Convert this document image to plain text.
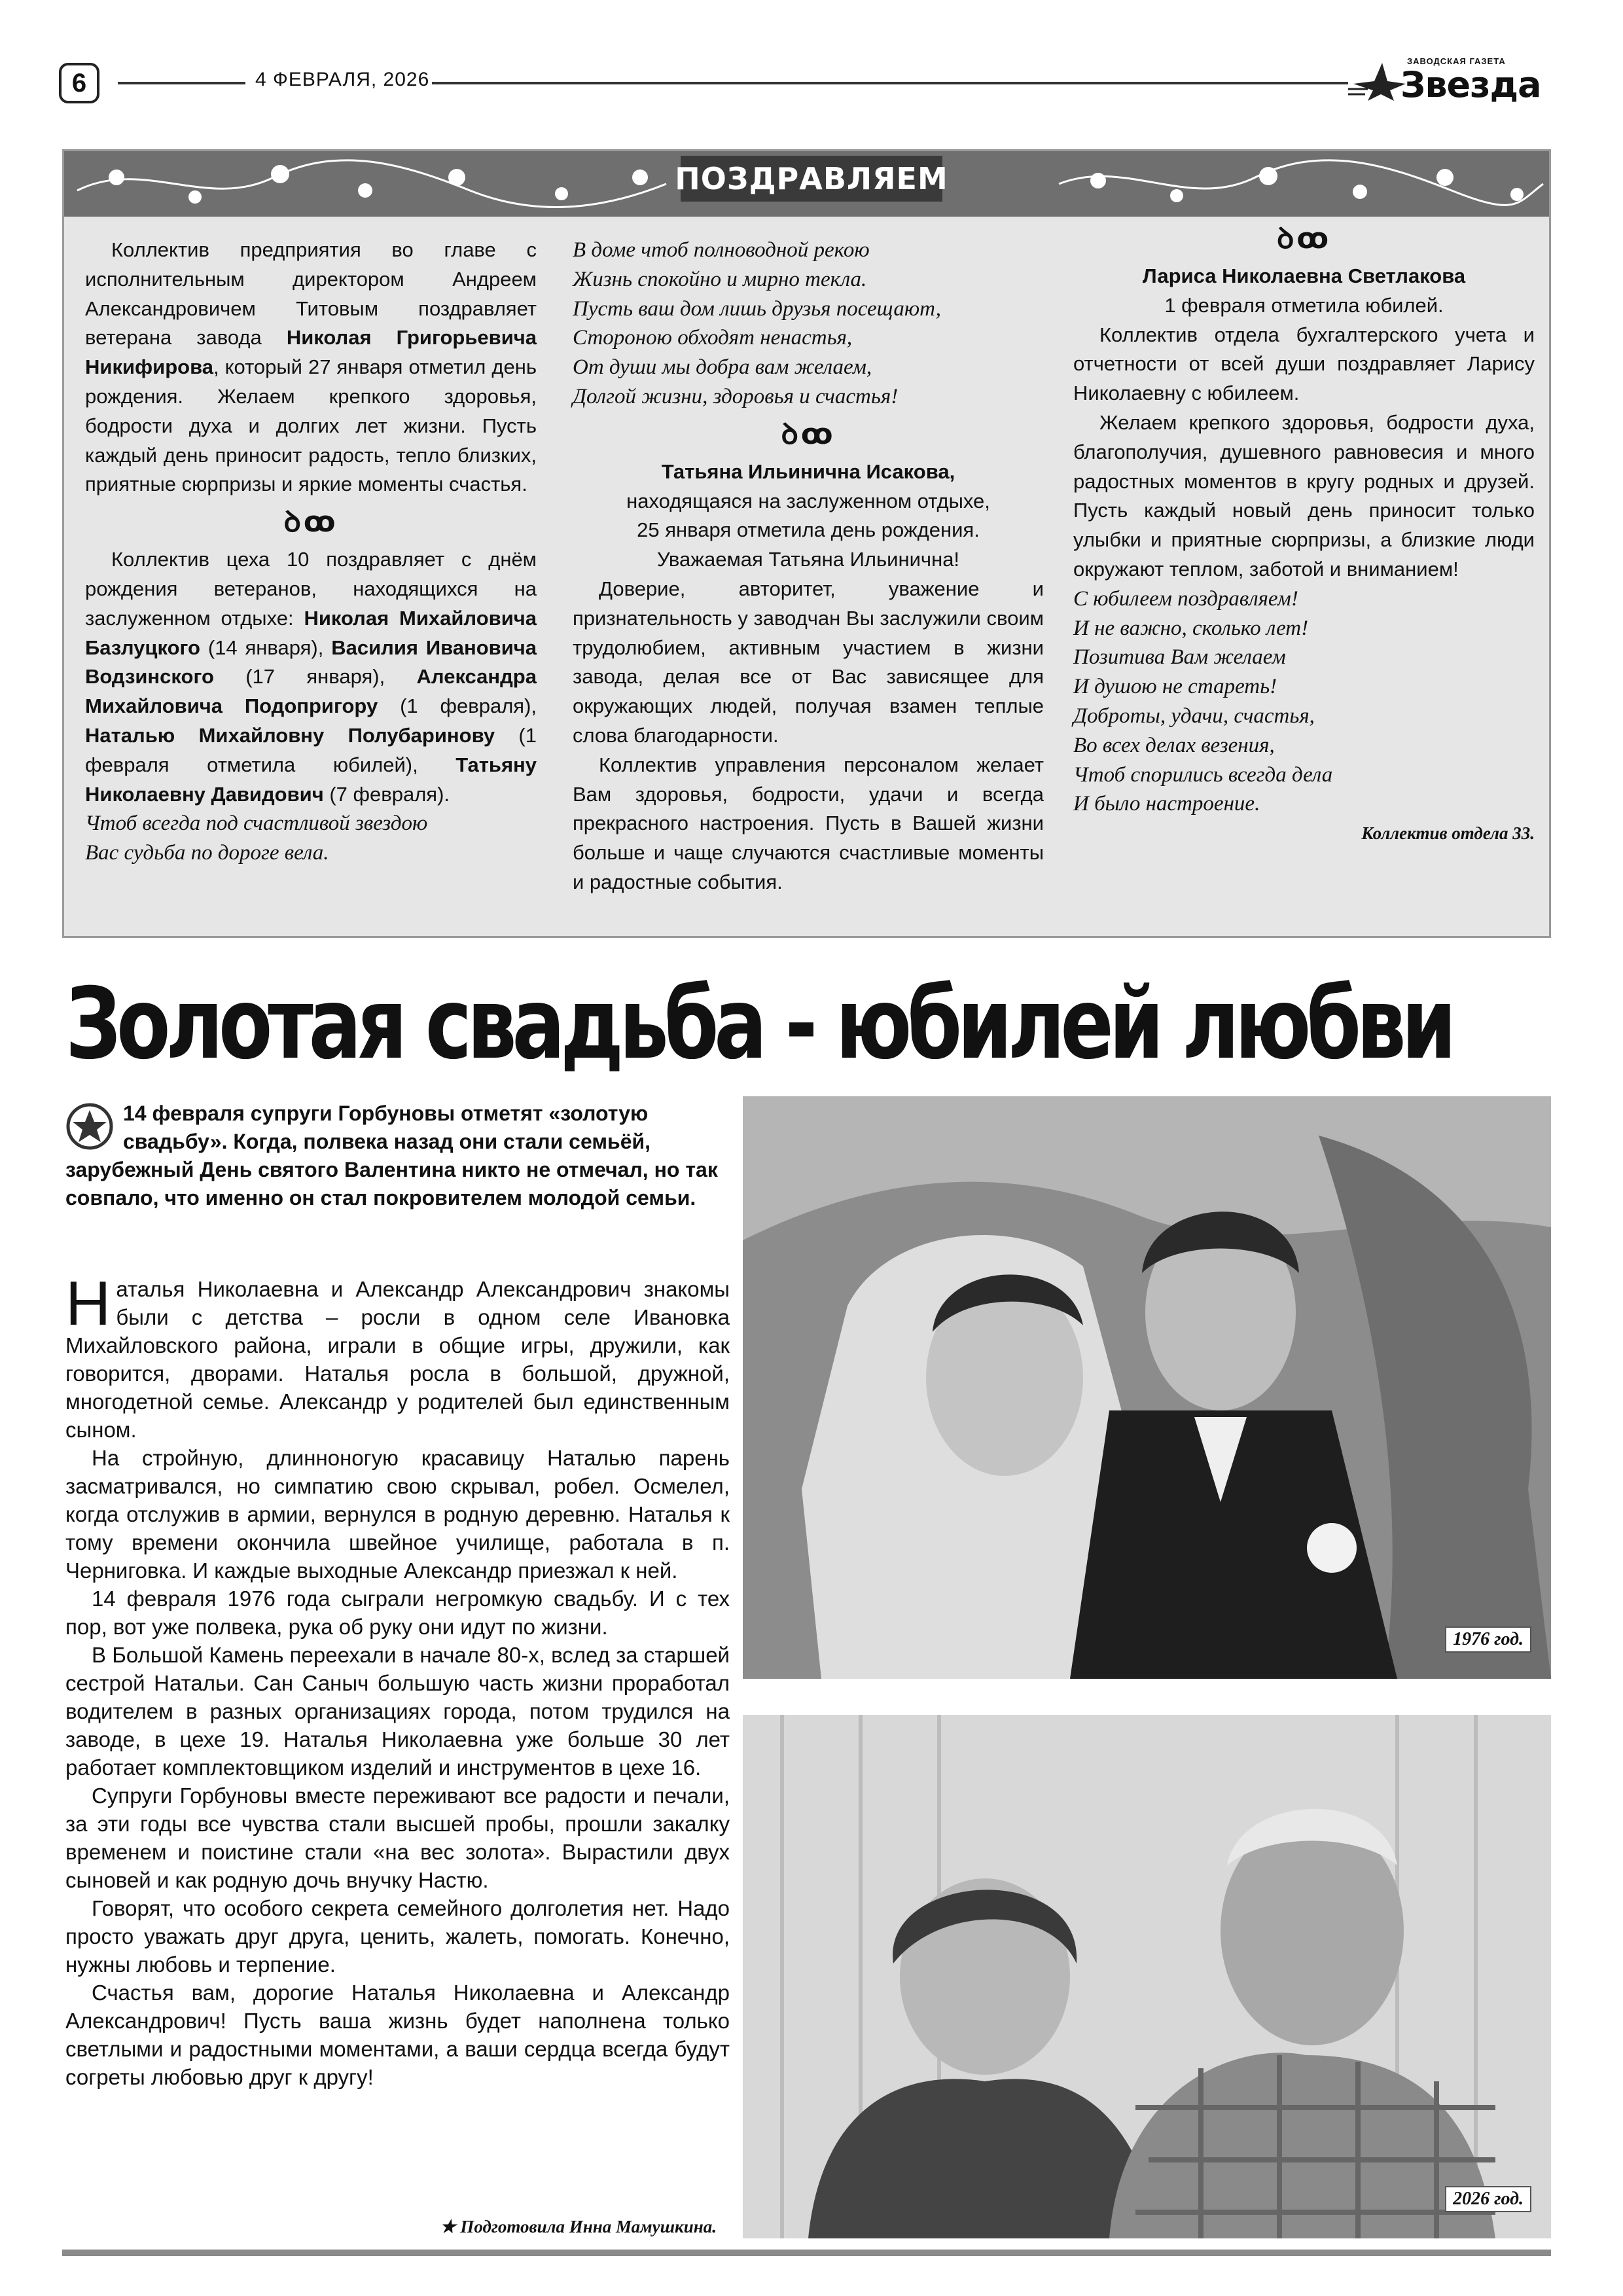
6	4 ФЕВРАЛЯ, 2026
ЗАВОДСКАЯ ГАЗЕТА
Звезда
ПОЗДРАВЛЯЕМ

Коллектив предприятия во главе с исполнительным директором Андреем Александровичем Титовым поздравляет ветерана завода Николая Григорьевича Никифирова, который 27 января отметил день рождения. Желаем крепкого здоровья, бодрости духа и долгих лет жизни. Пусть каждый день приносит радость, тепло близких, приятные сюрпризы и яркие моменты счастья.

ꝺꝏ

Коллектив цеха 10 поздравляет с днём рождения ветеранов, находящихся на заслуженном отдыхе: Николая Михайловича Базлуцкого (14 января), Василия Ивановича Водзинского (17 января), Александра Михайловича Подопригору (1 февраля), Наталью Михайловну Полубаринову (1 февраля отметила юбилей), Татьяну Николаевну Давидович (7 февраля).

Чтоб всегда под счастливой звездою

Вас судьба по дороге вела.

В доме чтоб полноводной рекою

Жизнь спокойно и мирно текла.

Пусть ваш дом лишь друзья посещают,

Стороною обходят ненастья,

От души мы добра вам желаем,

Долгой жизни, здоровья и счастья!

ꝺꝏ

Татьяна Ильинична Исакова,

находящаяся на заслуженном отдыхе,

25 января отметила день рождения.

Уважаемая Татьяна Ильинична!

Доверие, авторитет, уважение и признательность у заводчан Вы заслужили своим трудолюбием, активным участием в жизни завода, делая все от Вас зависящее для окружающих людей, получая взамен теплые слова благодарности.

Коллектив управления персоналом желает Вам здоровья, бодрости, удачи и всегда прекрасного настроения. Пусть в Вашей жизни больше и чаще случаются счастливые моменты и радостные события.

ꝺꝏ

Лариса Николаевна Светлакова

1 февраля отметила юбилей.

Коллектив отдела бухгалтерского учета и отчетности от всей души поздравляет Ларису Николаевну с юбилеем.

Желаем крепкого здоровья, бодрости духа, благополучия, душевного равновесия и много радостных моментов в кругу родных и друзей. Пусть каждый новый день приносит только улыбки и приятные сюрпризы, а близкие люди окружают теплом, заботой и вниманием!

С юбилеем поздравляем!

И не важно, сколько лет!

Позитива Вам желаем

И душою не стареть!

Доброты, удачи, счастья,

Во всех делах везения,

Чтоб спорились всегда дела

И было настроение.

Коллектив отдела 33.

Золотая свадьба - юбилей любви
14 февраля супруги Горбуновы отметят «золотую свадьбу». Когда, полвека назад они стали семьёй, зарубежный День святого Валентина никто не отмечал, но так совпало, что именно он стал покровителем молодой семьи.

Наталья Николаевна и Александр Александрович знакомы были с детства – росли в одном селе Ивановка Михайловского района, играли в общие игры, дружили, как говорится, дворами. Наталья росла в большой, дружной, многодетной семье. Александр у родителей был единственным сыном.

На стройную, длинноногую красавицу Наталью парень засматривался, но симпатию свою скрывал, робел. Осмелел, когда отслужив в армии, вернулся в родную деревню. Наталья к тому времени окончила швейное училище, работала в п. Черниговка. И каждые выходные Александр приезжал к ней.

14 февраля 1976 года сыграли негромкую свадьбу. И с тех пор, вот уже полвека, рука об руку они идут по жизни.

В Большой Камень переехали в начале 80-х, вслед за старшей сестрой Натальи. Сан Саныч большую часть жизни проработал водителем в разных организациях города, потом трудился на заводе, в цехе 19. Наталья Николаевна уже больше 30 лет работает комплектовщиком изделий и инструментов в цехе 16.

Супруги Горбуновы вместе переживают все радости и печали, за эти годы все чувства стали высшей пробы, прошли закалку временем и поистине стали «на вес золота». Вырастили двух сыновей и как родную дочь внучку Настю.

Говорят, что особого секрета семейного долголетия нет. Надо просто уважать друг друга, ценить, жалеть, помогать. Конечно, нужны любовь и терпение.

Счастья вам, дорогие Наталья Николаевна и Александр Александрович! Пусть ваша жизнь будет наполнена только светлыми и радостными моментами, а ваши сердца всегда будут согреты любовью друг к другу!

★ Подготовила Инна Мамушкина.
1976 год.
2026 год.
